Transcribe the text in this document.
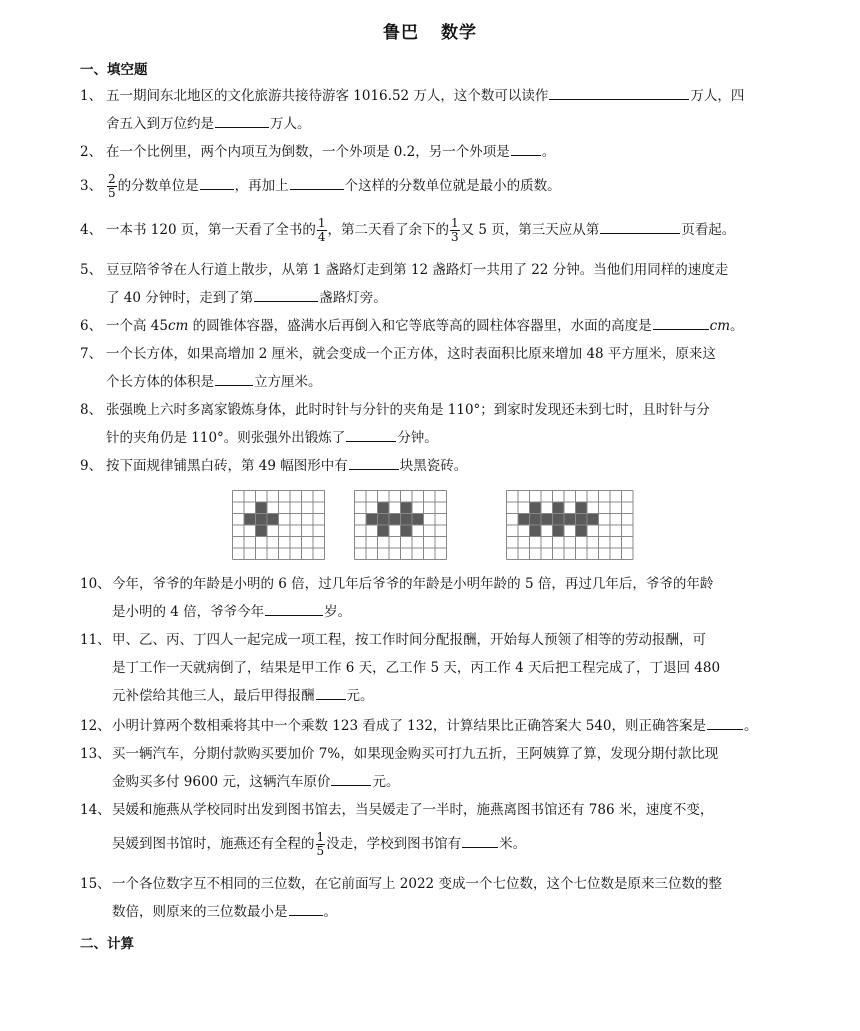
鲁巴 数学
一、填空题
1、 五一期间东北地区的文化旅游共接待游客 1016.52 万人，这个数可以读作	万人，四
舍五入到万位约是	万人。
2、 在一个比例里，两个内项互为倒数，一个外项是 0.2，另一个外项是 。
3、 $\frac{2}{5}$ 的分数单位是	，再加上	个这样的分数单位就是最小的质数。
4、 一本书 120 页，第一天看了全书的 $\frac{1}{4}$ ，第二天看了余下的 $\frac{1}{3}$ 又 5 页，第三天应从第	页看起。
5、 豆豆陪爷爷在人行道上散步，从第 1 盏路灯走到第 12 盏路灯一共用了 22 分钟。当他们用同样的速度走
了 40 分钟时，走到了第	盏路灯旁。
6、 一个高 45cm 的圆锥体容器，盛满水后再倒入和它等底等高的圆柱体容器里，水面的高度是	cm。
7、 一个长方体，如果高增加 2 厘米，就会变成一个正方体，这时表面积比原来增加 48 平方厘米，原来这
个长方体的体积是	立方厘米。
8、 张强晚上六时多离家锻炼身体，此时时针与分针的夹角是 110°；到家时发现还未到七时，且时针与分
针的夹角仍是 110°。则张强外出锻炼了	分钟。
9、 按下面规律铺黑白砖，第 49 幅图形中有	块黑瓷砖。
10、今年，爷爷的年龄是小明的 6 倍，过几年后爷爷的年龄是小明年龄的 5 倍，再过几年后，爷爷的年龄
是小明的 4 倍，爷爷今年	岁。
11、甲、乙、丙、丁四人一起完成一项工程，按工作时间分配报酬，开始每人预领了相等的劳动报酬，可
是丁工作一天就病倒了，结果是甲工作 6 天，乙工作 5 天，丙工作 4 天后把工程完成了，丁退回 480
元补偿给其他三人，最后甲得报酬 元。
12、小明计算两个数相乘将其中一个乘数 123 看成了 132，计算结果比正确答案大 540，则正确答案是	。
13、买一辆汽车，分期付款购买要加价 7%，如果现金购买可打九五折，王阿姨算了算，发现分期付款比现
金购买多付 9600 元，这辆汽车原价	元。
14、吴媛和施燕从学校同时出发到图书馆去，当吴媛走了一半时，施燕离图书馆还有 786 米，速度不变，
吴媛到图书馆时，施燕还有全程的 $\frac{1}{5}$ 没走，学校到图书馆有	米。
15、一个各位数字互不相同的三位数，在它前面写上 2022 变成一个七位数，这个七位数是原来三位数的整
数倍，则原来的三位数最小是	。
二、计算
